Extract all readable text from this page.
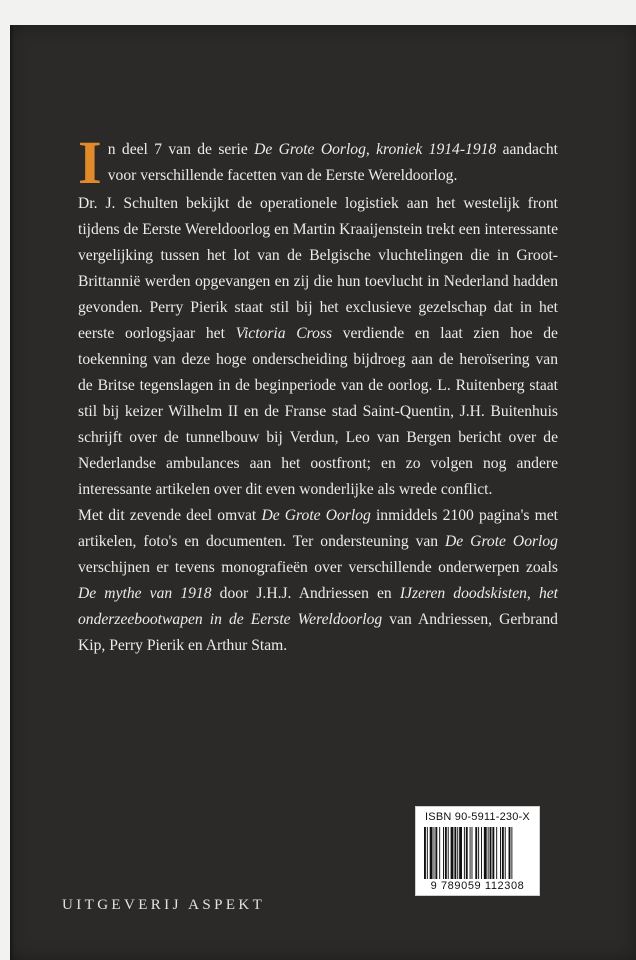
In deel 7 van de serie De Grote Oorlog, kroniek 1914-1918 aandacht voor verschillende facetten van de Eerste Wereldoorlog.

Dr. J. Schulten bekijkt de operationele logistiek aan het westelijk front tijdens de Eerste Wereldoorlog en Martin Kraaijenstein trekt een interessante vergelijking tussen het lot van de Belgische vluchtelingen die in Groot-Brittannië werden opgevangen en zij die hun toevlucht in Nederland hadden gevonden. Perry Pierik staat stil bij het exclusieve gezelschap dat in het eerste oorlogsjaar het Victoria Cross verdiende en laat zien hoe de toekenning van deze hoge onderscheiding bijdroeg aan de heroïsering van de Britse tegenslagen in de beginperiode van de oorlog. L. Ruitenberg staat stil bij keizer Wilhelm II en de Franse stad Saint-Quentin, J.H. Buitenhuis schrijft over de tunnelbouw bij Verdun, Leo van Bergen bericht over de Nederlandse ambulances aan het oostfront; en zo volgen nog andere interessante artikelen over dit even wonderlijke als wrede conflict.

Met dit zevende deel omvat De Grote Oorlog inmiddels 2100 pagina's met artikelen, foto's en documenten. Ter ondersteuning van De Grote Oorlog verschijnen er tevens monografieën over verschillende onderwerpen zoals De mythe van 1918 door J.H.J. Andriessen en IJzeren doodskisten, het onderzeebootwapen in de Eerste Wereldoorlog van Andriessen, Gerbrand Kip, Perry Pierik en Arthur Stam.

UITGEVERIJ ASPEKT
ISBN 90-5911-230-X
9 789059 112308
